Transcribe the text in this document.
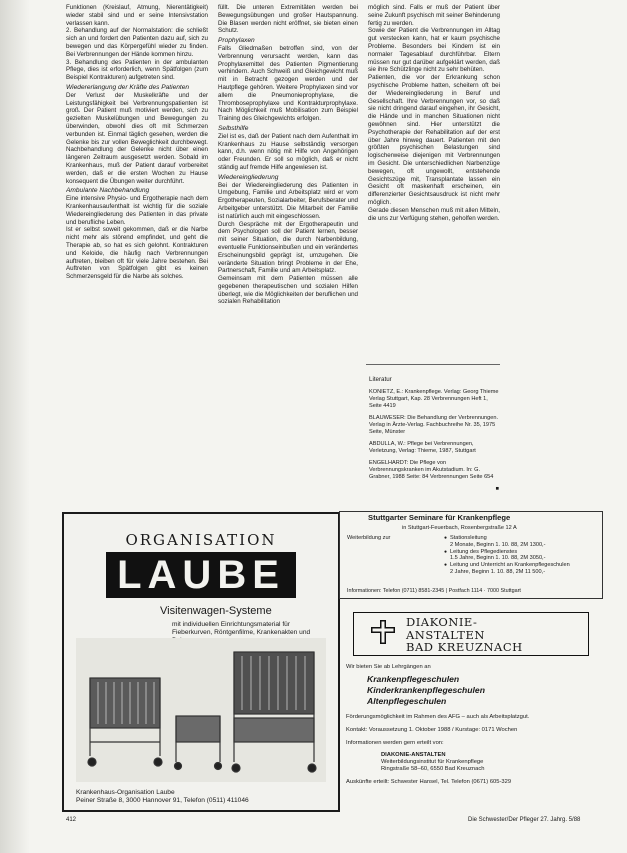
Funktionen (Kreislauf, Atmung, Nierentätigkeit) wieder stabil sind und er seine Intensivstation verlassen kann.

2. Behandlung auf der Normalstation: die schließt sich an und fordert den Patienten dazu auf, sich zu bewegen und das Körpergefühl wieder zu finden. Bei Verbrennungen der Hände kommen hinzu.

3. Behandlung des Patienten in der ambulanten Pflege, dies ist erforderlich, wenn Spätfolgen (zum Beispiel Kontrakturen) aufgetreten sind.

Wiedererlangung der Kräfte des Patienten

Der Verlust der Muskelkräfte und der Leistungsfähigkeit bei Verbrennungspatienten ist groß. Der Patient muß motiviert werden, sich zu gezielten Muskelübungen und Bewegungen zu überwinden, obwohl dies oft mit Schmerzen verbunden ist. Einmal täglich gesehen, werden die Gelenke bis zur vollen Beweglichkeit durchbewegt. Nachbehandlung der Gelenke nicht über einen längeren Zeitraum ausgesetzt werden. Sobald im Krankenhaus, muß der Patient darauf vorbereitet werden, daß er die ersten Wochen zu Hause konsequent die Übungen weiter durchführt.

Ambulante Nachbehandlung

Eine intensive Physio- und Ergotherapie nach dem Krankenhausaufenthalt ist wichtig für die soziale Wiedereingliederung des Patienten in das private und berufliche Leben.

Ist er selbst soweit gekommen, daß er die Narbe nicht mehr als störend empfindet, und geht die Therapie ab, so hat es sich gelohnt. Kontrakturen und Keloide, die häufig nach Verbrennungen auftreten, bleiben oft für viele Jahre bestehen. Bei Auftreten von Spätfolgen gibt es keinen Schmerzensgeld für die Narbe als solches.

füllt. Die unteren Extremitäten werden bei Bewegungsübungen und großer Hautspannung. Die Blasen werden nicht eröffnet, sie bieten einen Schutz.

Prophylaxen

Falls Gliedmaßen betroffen sind, von der Verbrennung verursacht werden, kann das Prophylaxemittel des Patienten Pigmentierung verhindern. Auch Schweiß und Gleichgewicht muß mit in Betracht gezogen werden und der Hautpflege gehören. Weitere Prophylaxen sind vor allem die Pneumonieprophylaxe, die Thromboseprophylaxe und Kontrakturprophylaxe. Nach Möglichkeit muß Mobilisation zum Beispiel Training des Gleichgewichts erfolgen.

Selbsthilfe

Ziel ist es, daß der Patient nach dem Aufenthalt im Krankenhaus zu Hause selbständig versorgen kann, d.h. wenn nötig mit Hilfe von Angehörigen oder Freunden. Er soll so möglich, daß er nicht ständig auf fremde Hilfe angewiesen ist.

Wiedereingliederung

Bei der Wiedereingliederung des Patienten in Umgebung, Familie und Arbeitsplatz wird er vom Ergotherapeuten, Sozialarbeiter, Berufsberater und Arbeitgeber unterstützt. Die Mitarbeit der Familie ist natürlich auch mit eingeschlossen.

Durch Gespräche mit der Ergotherapeutin und dem Psychologen soll der Patient lernen, besser mit seiner Situation, die durch Narbenbildung, eventuelle Funktionseinbußen und ein verändertes Erscheinungsbild geprägt ist, umzugehen. Die veränderte Situation bringt Probleme in der Ehe, Partnerschaft, Familie und am Arbeitsplatz.

Gemeinsam mit dem Patienten müssen alle gegebenen therapeutischen und sozialen Hilfen überlegt, wie die Möglichkeiten der beruflichen und sozialen Rehabilitation

möglich sind. Falls er muß der Patient über seine Zukunft psychisch mit seiner Behinderung fertig zu werden.

Sowie der Patient die Verbrennungen im Alltag gut verstecken kann, hat er kaum psychische Probleme. Besonders bei Kindern ist ein normaler Tagesablauf durchführbar. Eltern müssen nur gut darüber aufgeklärt werden, daß sie ihre Schützlinge nicht zu sehr behüten.

Patienten, die vor der Erkrankung schon psychische Probleme hatten, scheitern oft bei der Wiedereingliederung in Beruf und Gesellschaft. Ihre Verbrennungen vor, so daß sie nicht dringend darauf eingehen, ihr Gesicht, die Hände und in manchen Situationen nicht gewöhnen sind. Hier unterstützt die Psychotherapie der Rehabilitation auf der erst über Jahre hinweg dauert. Patienten mit den größten psychischen Belastungen sind logischerweise diejenigen mit Verbrennungen im Gesicht. Die unterschiedlichen Narbenzüge bewegen, oft ungewollt, entstehende Gesichtszüge mit, Transplantate lassen ein Gesicht oft maskenhaft erscheinen, ein differenzierter Gesichtsausdruck ist nicht mehr möglich.

Gerade diesen Menschen muß mit allen Mitteln, die uns zur Verfügung stehen, geholfen werden.

Literatur

KONIETZ, E.: Krankenpflege. Verlag: Georg Thieme Verlag Stuttgart, Kap. 28 Verbrennungen Heft 1, Seite 4419

BLAUWESER: Die Behandlung der Verbrennungen. Verlag in Ärzte-Verlag. Fachbuchreihe Nr. 35, 1975 Seite, Münster

ABDULLA, W.: Pflege bei Verbrennungen, Verletzung, Verlag: Thieme, 1987, Stuttgart

ENGELHARDT: Die Pflege von Verbrennungskranken im Akutstadium. In: G. Grabner, 1988 Seite: 84 Verbrennungen Seite 654

■

ORGANISATION
LAUBE
Visitenwagen-Systeme
mit individuellen Einrichtungsmaterial für Fieberkurven, Röntgenfilme, Krankenakten und
Krankenhaus-Organisation Laube
Peiner Straße 8, 3000 Hannover 91, Telefon (0511) 411046
Stuttgarter Seminare für Krankenpflege
in Stuttgart-Feuerbach, Rosenbergstraße 12 A
Weiterbildung zur
●	Stationsleitung
2 Monate, Beginn 1. 10. 88, 2M 1300,-
● Leitung des Pflegedienstes
1.5 Jahre, Beginn 1. 10. 88, 2M 3050,-
● Leitung und Unterricht an Krankenpflegeschulen
2 Jahre, Beginn 1. 10. 88, 2M 11 500,-
Informationen: Telefon (0711) 8581-2345 | Postfach 1114 · 7000 Stuttgart
DIAKONIE-
ANSTALTEN
BAD KREUZNACH
Wir bieten Sie ab Lehrgängen an
Krankenpflegeschulen
Kinderkrankenpflegeschulen
Altenpflegeschulen
Förderungsmöglichkeit im Rahmen des AFG – auch als Arbeitsplatzgut.
Kontakt: Voraussetzung 1. Oktober 1988 / Kurstage: 0171 Wochen
Informationen werden gern erteilt von:
DIAKONIE-ANSTALTEN
Weiterbildungsinstitut für Krankenpflege
Ringstraße 58–60, 6550 Bad Kreuznach
Auskünfte erteilt: Schwester Hansel, Tel. Telefon (0671) 605-329
412	Die Schwester/Der Pfleger 27. Jahrg. 5/88
